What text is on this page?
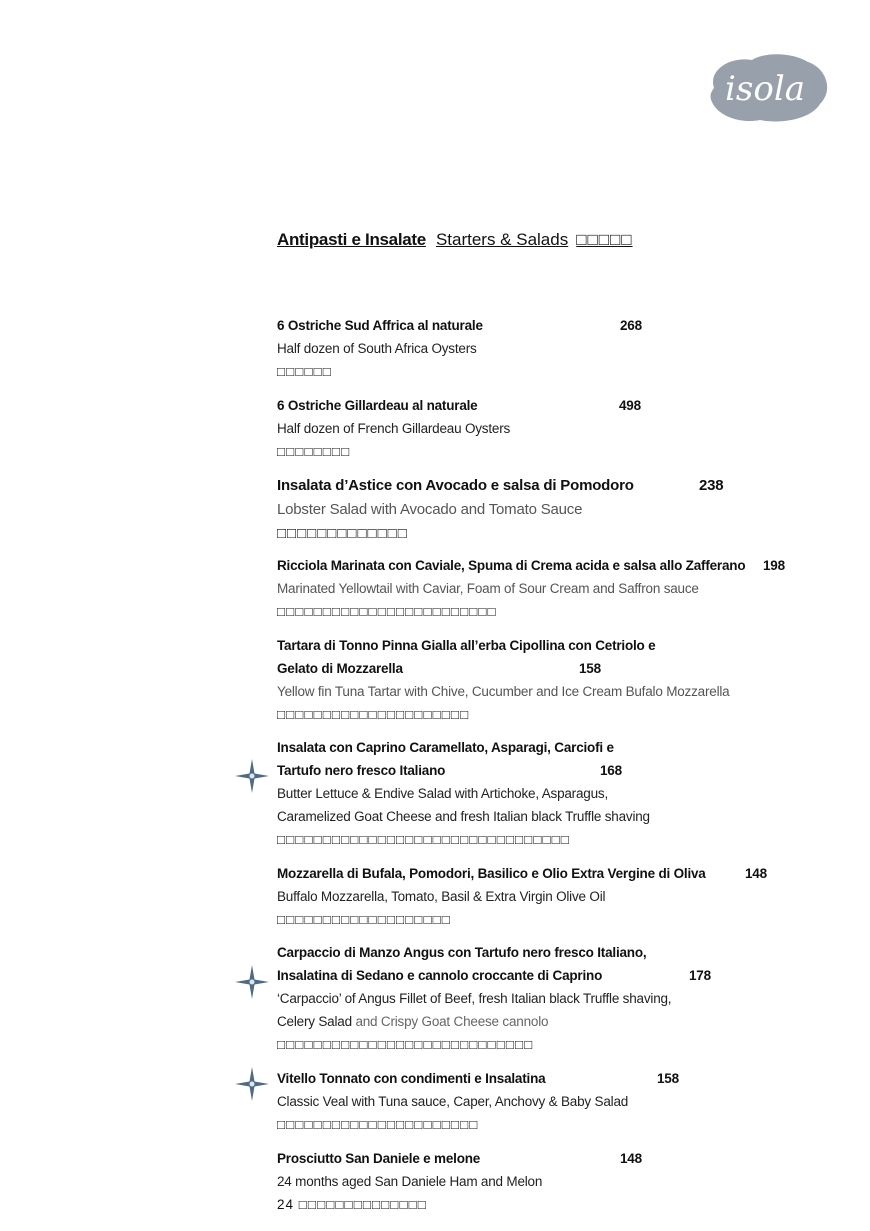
isola
Antipasti e Insalate Starters & Salads □□□□□
6 Ostriche Sud Affrica al naturale	268
Half dozen of South Africa Oysters
□□□□□□
6 Ostriche Gillardeau al naturale	498
Half dozen of French Gillardeau Oysters
□□□□□□□□
Insalata d’Astice con Avocado e salsa di Pomodoro	238
Lobster Salad with Avocado and Tomato Sauce
□□□□□□□□□□□□□
Ricciola Marinata con Caviale, Spuma di Crema acida e salsa allo Zafferano 198
Marinated Yellowtail with Caviar, Foam of Sour Cream and Saffron sauce
□□□□□□□□□□□□□□□□□□□□□□□□
Tartara di Tonno Pinna Gialla all’erba Cipollina con Cetriolo e
Gelato di Mozzarella	158
Yellow fin Tuna Tartar with Chive, Cucumber and Ice Cream Bufalo Mozzarella
□□□□□□□□□□□□□□□□□□□□□
Insalata con Caprino Caramellato, Asparagi, Carciofi e
Tartufo nero fresco Italiano	168
Butter Lettuce & Endive Salad with Artichoke, Asparagus,
Caramelized Goat Cheese and fresh Italian black Truffle shaving
□□□□□□□□□□□□□□□□□□□□□□□□□□□□□□□□
Mozzarella di Bufala, Pomodori, Basilico e Olio Extra Vergine di Oliva	148
Buffalo Mozzarella, Tomato, Basil & Extra Virgin Olive Oil
□□□□□□□□□□□□□□□□□□□
Carpaccio di Manzo Angus con Tartufo nero fresco Italiano,
Insalatina di Sedano e cannolo croccante di Caprino	178
‘Carpaccio’ of Angus Fillet of Beef, fresh Italian black Truffle shaving,
Celery Salad and Crispy Goat Cheese cannolo
□□□□□□□□□□□□□□□□□□□□□□□□□□□□
Vitello Tonnato con condimenti e Insalatina	158
Classic Veal with Tuna sauce, Caper, Anchovy & Baby Salad
□□□□□□□□□□□□□□□□□□□□□□
Prosciutto San Daniele e melone	148
24 months aged San Daniele Ham and Melon
24 □□□□□□□□□□□□□□
